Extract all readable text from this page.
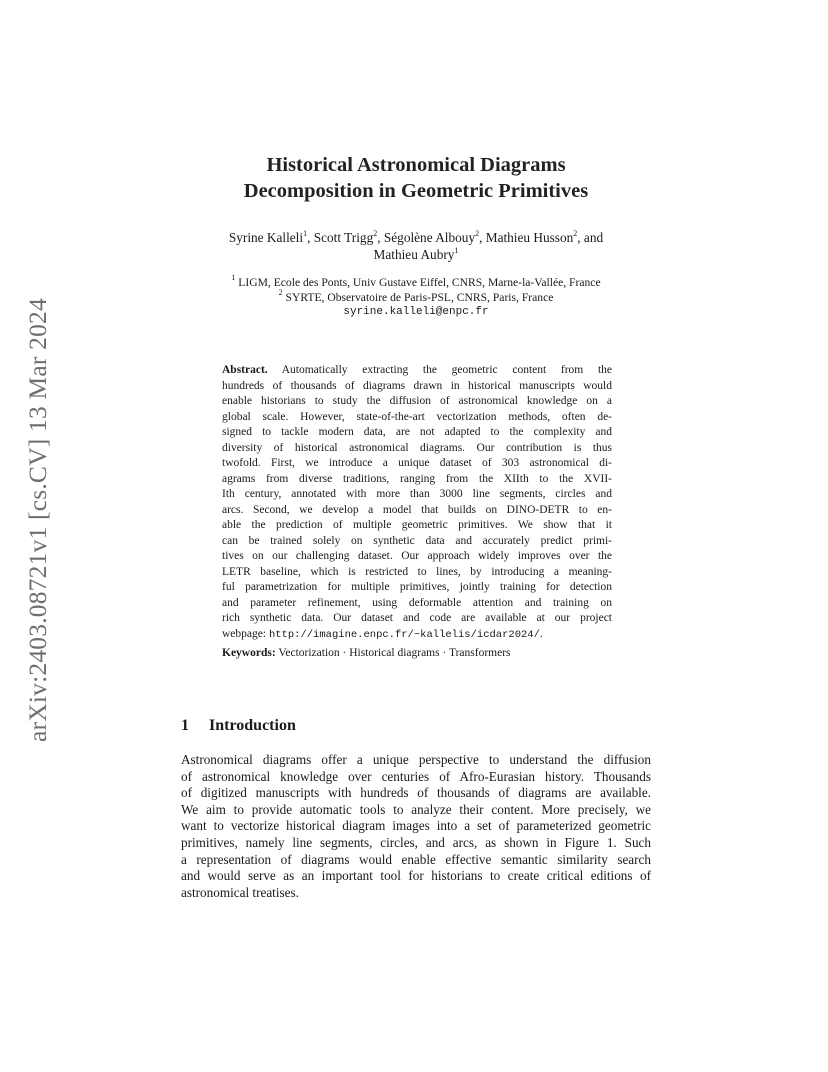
arXiv:2403.08721v1 [cs.CV] 13 Mar 2024
Historical Astronomical Diagrams
Decomposition in Geometric Primitives
Syrine Kalleli$^1$, Scott Trigg$^2$, Ségolène Albouy$^2$, Mathieu Husson$^2$, and
Mathieu Aubry$^1$
$^1$ LIGM, Ecole des Ponts, Univ Gustave Eiffel, CNRS, Marne-la-Vallée, France
$^2$ SYRTE, Observatoire de Paris-PSL, CNRS, Paris, France
syrine.kalleli@enpc.fr
Abstract. Automatically extracting the geometric content from the
hundreds of thousands of diagrams drawn in historical manuscripts would
enable historians to study the diffusion of astronomical knowledge on a
global scale. However, state-of-the-art vectorization methods, often de-
signed to tackle modern data, are not adapted to the complexity and
diversity of historical astronomical diagrams. Our contribution is thus
twofold. First, we introduce a unique dataset of 303 astronomical di-
agrams from diverse traditions, ranging from the XIIth to the XVII-
Ith century, annotated with more than 3000 line segments, circles and
arcs. Second, we develop a model that builds on DINO-DETR to en-
able the prediction of multiple geometric primitives. We show that it
can be trained solely on synthetic data and accurately predict primi-
tives on our challenging dataset. Our approach widely improves over the
LETR baseline, which is restricted to lines, by introducing a meaning-
ful parametrization for multiple primitives, jointly training for detection
and parameter refinement, using deformable attention and training on
rich synthetic data. Our dataset and code are available at our project
webpage: http://imagine.enpc.fr/~kallelis/icdar2024/.
Keywords: Vectorization · Historical diagrams · Transformers
1 Introduction
Astronomical diagrams offer a unique perspective to understand the diffusion
of astronomical knowledge over centuries of Afro-Eurasian history. Thousands
of digitized manuscripts with hundreds of thousands of diagrams are available.
We aim to provide automatic tools to analyze their content. More precisely, we
want to vectorize historical diagram images into a set of parameterized geometric
primitives, namely line segments, circles, and arcs, as shown in Figure 1. Such
a representation of diagrams would enable effective semantic similarity search
and would serve as an important tool for historians to create critical editions of
astronomical treatises.
